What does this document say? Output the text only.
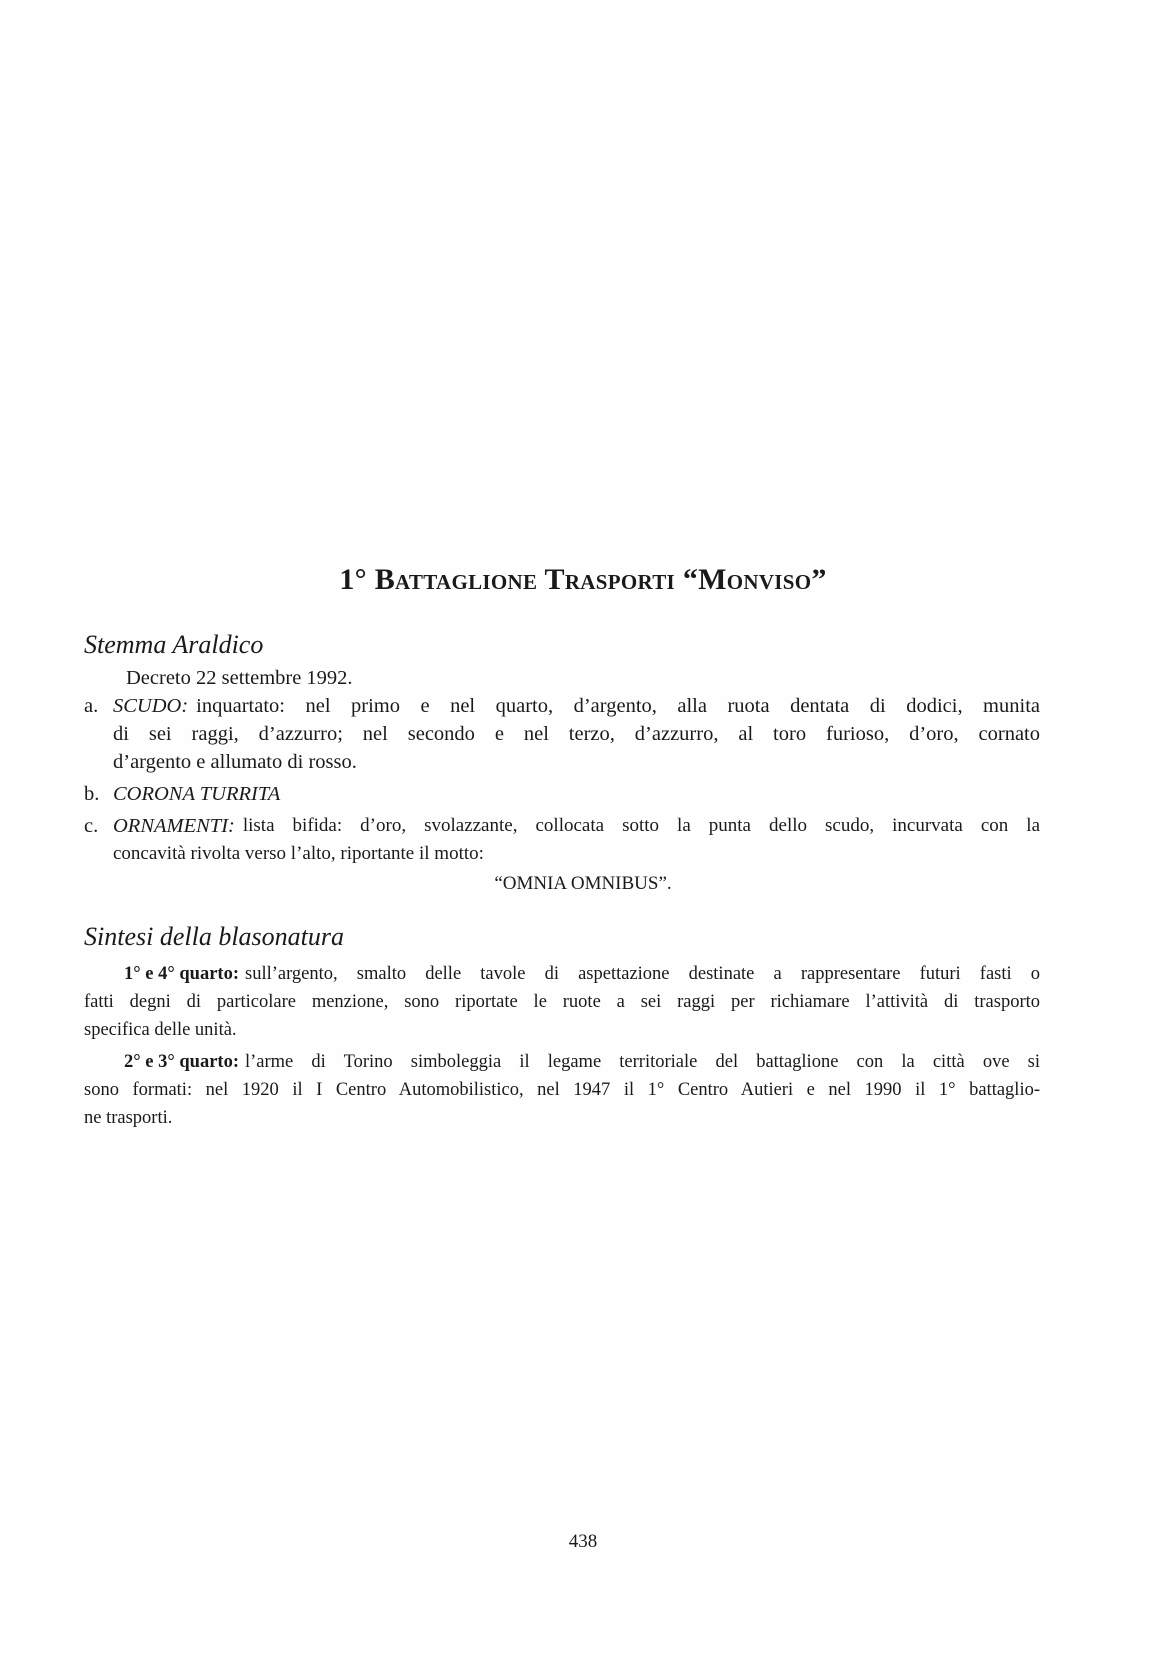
1° Battaglione Trasporti “Monviso”
Stemma Araldico
Decreto 22 settembre 1992.
a. SCUDO: inquartato: nel primo e nel quarto, d’argento, alla ruota dentata di dodici, munita
di sei raggi, d’azzurro; nel secondo e nel terzo, d’azzurro, al toro furioso, d’oro, cornato
d’argento e allumato di rosso.
b. CORONA TURRITA
c. ORNAMENTI: lista bifida: d’oro, svolazzante, collocata sotto la punta dello scudo, incurvata con la
concavità rivolta verso l’alto, riportante il motto:
“OMNIA OMNIBUS”.
Sintesi della blasonatura
1° e 4° quarto: sull’argento, smalto delle tavole di aspettazione destinate a rappresentare futuri fasti o
fatti degni di particolare menzione, sono riportate le ruote a sei raggi per richiamare l’attività di trasporto
specifica delle unità.
2° e 3° quarto: l’arme di Torino simboleggia il legame territoriale del battaglione con la città ove si
sono formati: nel 1920 il I Centro Automobilistico, nel 1947 il 1° Centro Autieri e nel 1990 il 1° battaglio-
ne trasporti.
438
